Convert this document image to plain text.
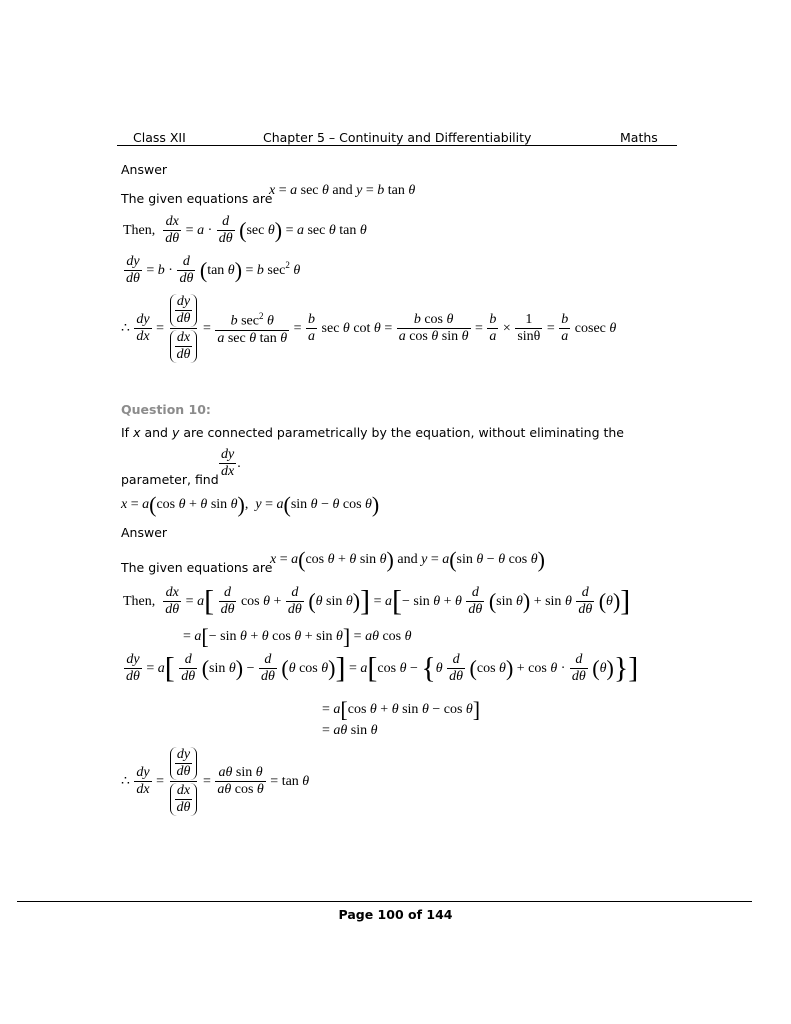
Class XII	Chapter 5 – Continuity and Differentiability	Maths
Answer
The given equations are
x = a sec θ and y = b tan θ
Then, $\frac{dx}{d\theta} = a \cdot \frac{d}{d\theta} (\sec$ θ) = a sec θ tan θ
$\frac{dy}{d\theta} = b \cdot \frac{d}{d\theta} (\tan$ θ) = b $\sec^2 \theta$
∴ $\frac{dy}{dx}$ =
$\frac{dy}{d\theta}$
$\frac{dx}{d\theta}$
= $\frac{b \sec^2 \theta}{\text{a sec θ tan θ}} = \frac{b}{a}$ sec θ $\cot \theta = \frac{\text{b cos θ}}{\text{a cos θ sin θ}} = \frac{b}{a} \times \frac{1}{\sin\theta} = \frac{b}{a}$ cosec θ
Question 10:
If x and y are connected parametrically by the equation, without eliminating the
parameter, find $\frac{dy}{dx}$ .
x = a(cos θ + θ sin θ),  y = a(sin θ − θ cos θ)
Answer
The given equations are
x = a(cos θ + θ sin θ) and y = a(sin θ − θ cos θ)
Then, $\frac{dx}{d\theta} = a[ \frac{d}{d\theta}$ $\cos \theta + \frac{d}{d\theta} (\theta$ sin θ)] = a[− sin θ + θ $\frac{d}{d\theta} (\sin$ θ) + sin θ $\frac{d}{d\theta} (\theta)$]
= a[− sin θ + θ cos θ + sin θ] = aθ cos θ
$\frac{dy}{d\theta} = a[ \frac{d}{d\theta} (\sin$ $\theta) - \frac{d}{d\theta} (\theta$ cos θ)] = a[cos $\theta - \{\theta \frac{d}{d\theta} (\cos$ $\theta) + \cos \theta \cdot \frac{d}{d\theta} (\theta)$}]
= a[cos θ + θ sin θ − cos θ]
= aθ sin θ
∴ $\frac{dy}{dx}$ =
$\frac{dy}{d\theta}$
$\frac{dx}{d\theta}$
= $\frac{\text{aθ sin θ}}{\text{aθ cos θ}} = \tan \theta$
Page 100 of 144
